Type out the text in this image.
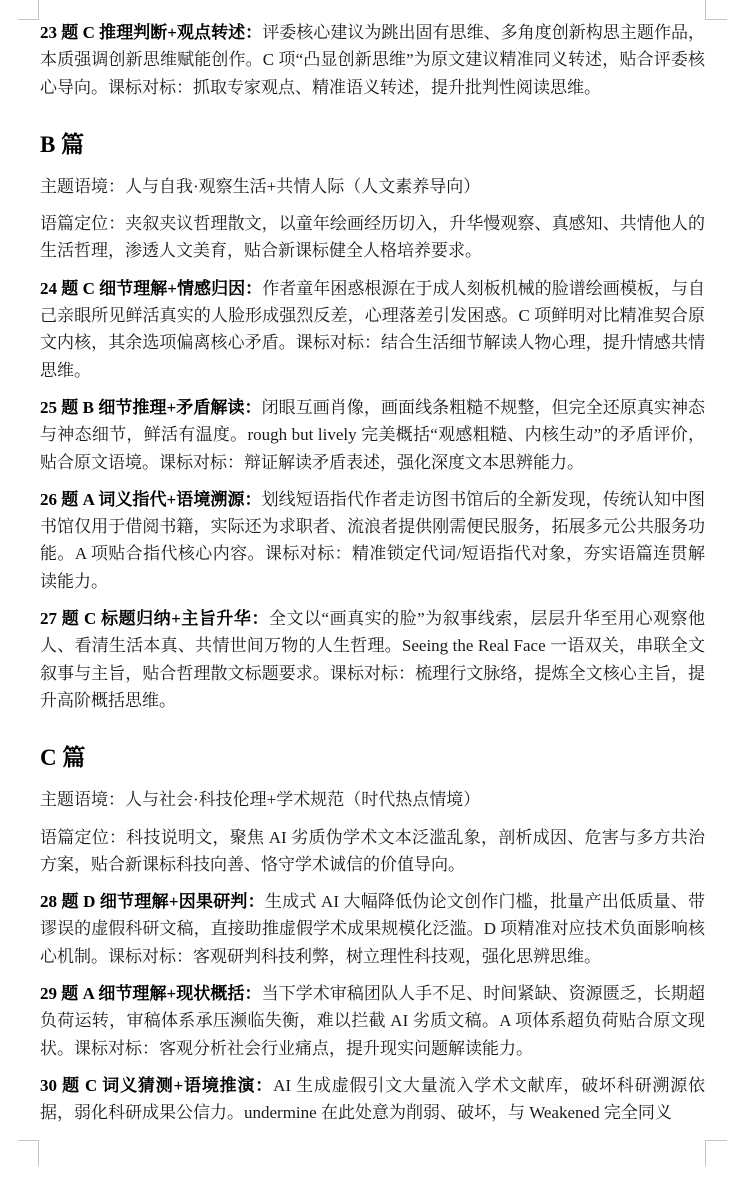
23 题 C 推理判断+观点转述：评委核心建议为跳出固有思维、多角度创新构思主题作品，本质强调创新思维赋能创作。C 项“凸显创新思维”为原文建议精准同义转述，贴合评委核心导向。课标对标：抓取专家观点、精准语义转述，提升批判性阅读思维。

B 篇

主题语境：人与自我·观察生活+共情人际（人文素养导向）

语篇定位：夹叙夹议哲理散文，以童年绘画经历切入，升华慢观察、真感知、共情他人的生活哲理，渗透人文美育，贴合新课标健全人格培养要求。

24 题 C 细节理解+情感归因：作者童年困惑根源在于成人刻板机械的脸谱绘画模板，与自己亲眼所见鲜活真实的人脸形成强烈反差，心理落差引发困惑。C 项鲜明对比精准契合原文内核，其余选项偏离核心矛盾。课标对标：结合生活细节解读人物心理，提升情感共情思维。

25 题 B 细节推理+矛盾解读：闭眼互画肖像，画面线条粗糙不规整，但完全还原真实神态与神态细节，鲜活有温度。rough but lively 完美概括“观感粗糙、内核生动”的矛盾评价，贴合原文语境。课标对标：辩证解读矛盾表述，强化深度文本思辨能力。

26 题 A 词义指代+语境溯源：划线短语指代作者走访图书馆后的全新发现，传统认知中图书馆仅用于借阅书籍，实际还为求职者、流浪者提供刚需便民服务，拓展多元公共服务功能。A 项贴合指代核心内容。课标对标：精准锁定代词/短语指代对象，夯实语篇连贯解读能力。

27 题 C 标题归纳+主旨升华：全文以“画真实的脸”为叙事线索，层层升华至用心观察他人、看清生活本真、共情世间万物的人生哲理。Seeing the Real Face 一语双关，串联全文叙事与主旨，贴合哲理散文标题要求。课标对标：梳理行文脉络，提炼全文核心主旨，提升高阶概括思维。

C 篇

主题语境：人与社会·科技伦理+学术规范（时代热点情境）

语篇定位：科技说明文，聚焦 AI 劣质伪学术文本泛滥乱象，剖析成因、危害与多方共治方案，贴合新课标科技向善、恪守学术诚信的价值导向。

28 题 D 细节理解+因果研判：生成式 AI 大幅降低伪论文创作门槛，批量产出低质量、带谬误的虚假科研文稿，直接助推虚假学术成果规模化泛滥。D 项精准对应技术负面影响核心机制。课标对标：客观研判科技利弊，树立理性科技观，强化思辨思维。

29 题 A 细节理解+现状概括：当下学术审稿团队人手不足、时间紧缺、资源匮乏，长期超负荷运转，审稿体系承压濒临失衡，难以拦截 AI 劣质文稿。A 项体系超负荷贴合原文现状。课标对标：客观分析社会行业痛点，提升现实问题解读能力。

30 题 C 词义猜测+语境推演：AI 生成虚假引文大量流入学术文献库，破坏科研溯源依据，弱化科研成果公信力。undermine 在此处意为削弱、破坏，与 Weakened 完全同义
